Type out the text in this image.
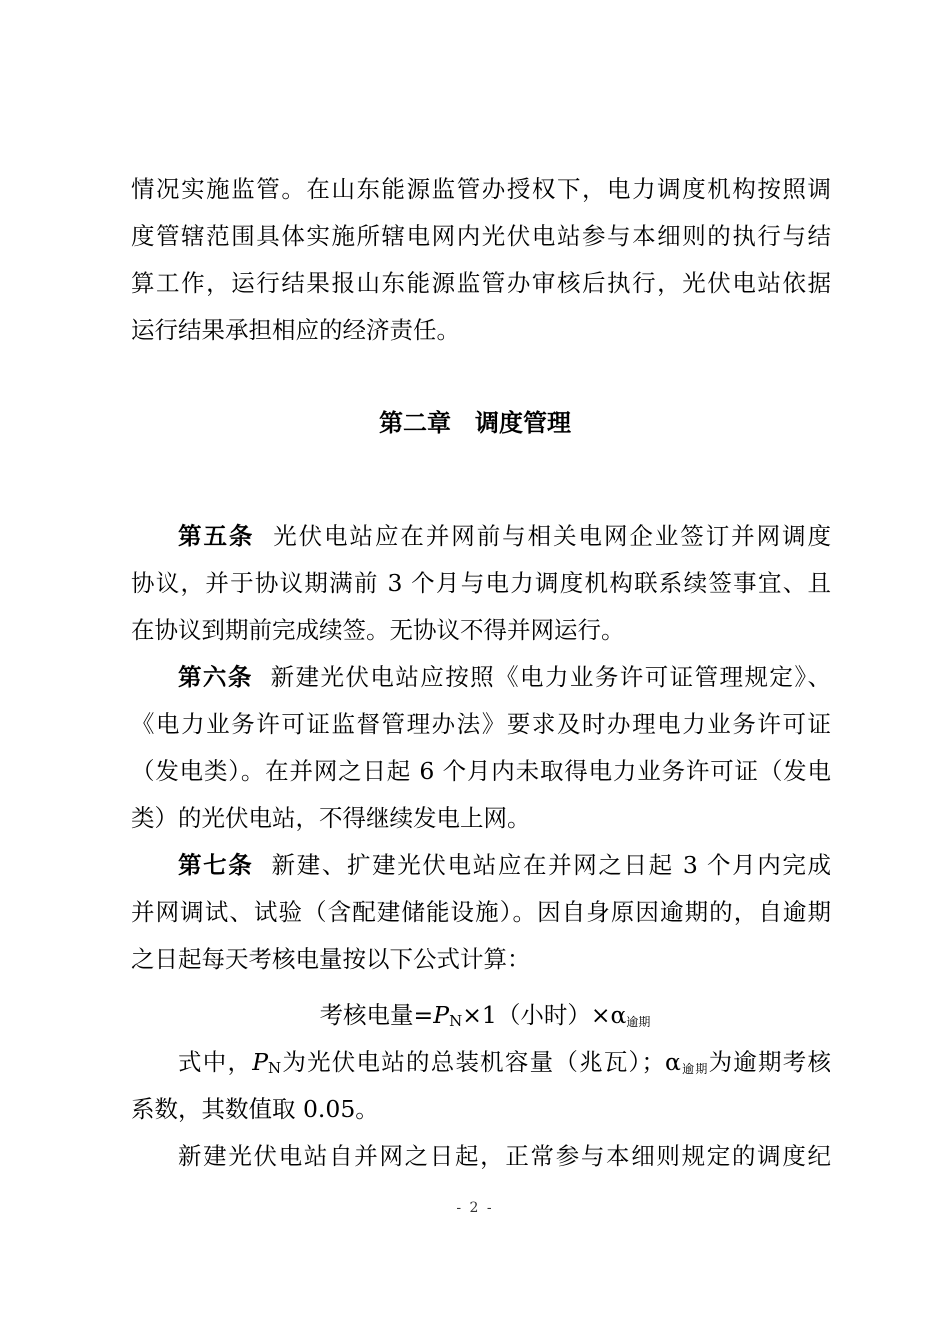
情况实施监管。在山东能源监管办授权下，电力调度机构按照调
度管辖范围具体实施所辖电网内光伏电站参与本细则的执行与结
算工作，运行结果报山东能源监管办审核后执行，光伏电站依据
运行结果承担相应的经济责任。
第二章　调度管理
第五条 光伏电站应在并网前与相关电网企业签订并网调度
协议，并于协议期满前 3 个月与电力调度机构联系续签事宜、且
在协议到期前完成续签。无协议不得并网运行。
第六条 新建光伏电站应按照《电力业务许可证管理规定》、
《电力业务许可证监督管理办法》要求及时办理电力业务许可证
（发电类）。在并网之日起 6 个月内未取得电力业务许可证（发电
类）的光伏电站，不得继续发电上网。
第七条 新建、扩建光伏电站应在并网之日起 3 个月内完成
并网调试、试验（含配建储能设施）。因自身原因逾期的，自逾期
之日起每天考核电量按以下公式计算：
考核电量=PN×1（小时）$\times\alpha_{逾期}$
式中，PN为光伏电站的总装机容量（兆瓦）；$\alpha_{逾期}$为逾期考核
系数，其数值取 0.05。
新建光伏电站自并网之日起，正常参与本细则规定的调度纪
- 2 -
